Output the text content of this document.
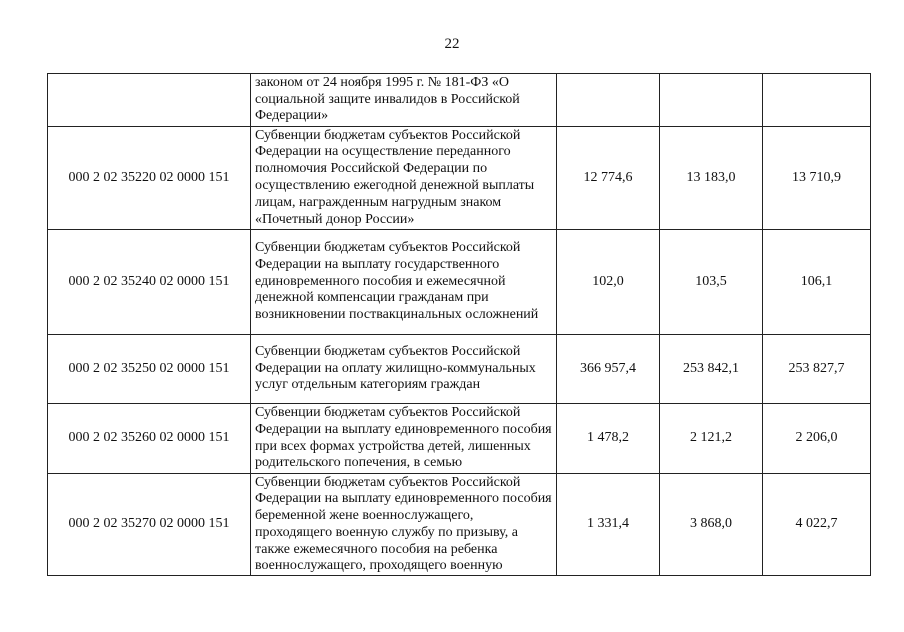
22
	законом от 24 ноября 1995 г. № 181-ФЗ «О социальной защите инвалидов в Российской Федерации»			
000 2 02 35220 02 0000 151	Субвенции бюджетам субъектов Российской Федерации на осуществление переданного полномочия Российской Федерации по осуществлению ежегодной денежной выплаты лицам, награжденным нагрудным знаком «Почетный донор России»	12 774,6	13 183,0	13 710,9
000 2 02 35240 02 0000 151	Субвенции бюджетам субъектов Российской Федерации на выплату государственного единовременного пособия и ежемесячной денежной компенсации гражданам при возникновении поствакцинальных осложнений	102,0	103,5	106,1
000 2 02 35250 02 0000 151	Субвенции бюджетам субъектов Российской Федерации на оплату жилищно-коммунальных услуг отдельным категориям граждан	366 957,4	253 842,1	253 827,7
000 2 02 35260 02 0000 151	Субвенции бюджетам субъектов Российской Федерации на выплату единовременного пособия при всех формах устройства детей, лишенных родительского попечения, в семью	1 478,2	2 121,2	2 206,0
000 2 02 35270 02 0000 151	Субвенции бюджетам субъектов Российской Федерации на выплату единовременного пособия беременной жене военнослужащего, проходящего военную службу по призыву, а также ежемесячного пособия на ребенка военнослужащего, проходящего военную	1 331,4	3 868,0	4 022,7
